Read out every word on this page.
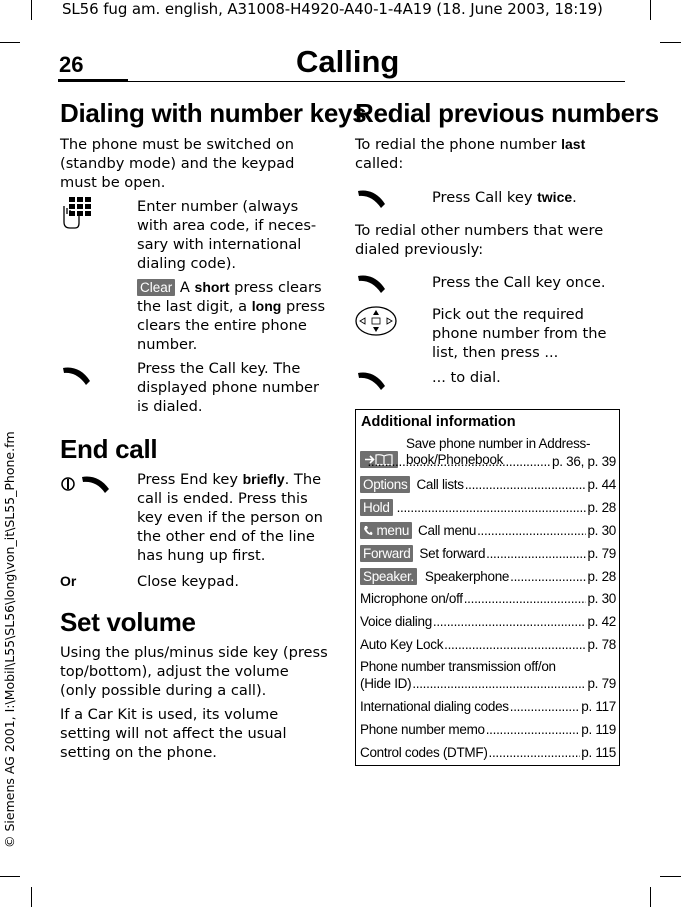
SL56 fug am. english, A31008-H4920-A40-1-4A19 (18. June 2003, 18:19)
26	Calling
© Siemens AG 2001, I:\Mobil\L55\SL56\long\von_it\SL55_Phone.fm
Dialing with number keys
The phone must be switched on (standby mode) and the keypad must be open.
Enter number (always with area code, if necessary with international dialing code).
Clear A short press clears the last digit, a long press clears the entire phone number.
Press the Call key. The displayed phone number is dialed.
End call
Press End key briefly. The call is ended. Press this key even if the person on the other end of the line has hung up first.
Or	Close keypad.
Set volume
Using the plus/minus side key (press top/bottom), adjust the volume (only possible during a call).
If a Car Kit is used, its volume setting will not affect the usual setting on the phone.
Redial previous numbers
To redial the phone number last called:
Press Call key twice.
To redial other numbers that were dialed previously:
Press the Call key once.
Pick out the required phone number from the list, then press ...
... to dial.
Additional information
Save phone number in Addressbook/Phonebook .....	p. 36, p. 39
Options Call lists .....	p. 44
Hold .....	p. 28
menu Call menu .....	p. 30
Forward Set forward .....	p. 79
Speaker. Speakerphone .....	p. 28
Microphone on/off .....	p. 30
Voice dialing .....	p. 42
Auto Key Lock .....	p. 78
Phone number transmission off/on
(Hide ID) .....	p. 79
International dialing codes .....	p. 117
Phone number memo .....	p. 119
Control codes (DTMF) .....	p. 115
